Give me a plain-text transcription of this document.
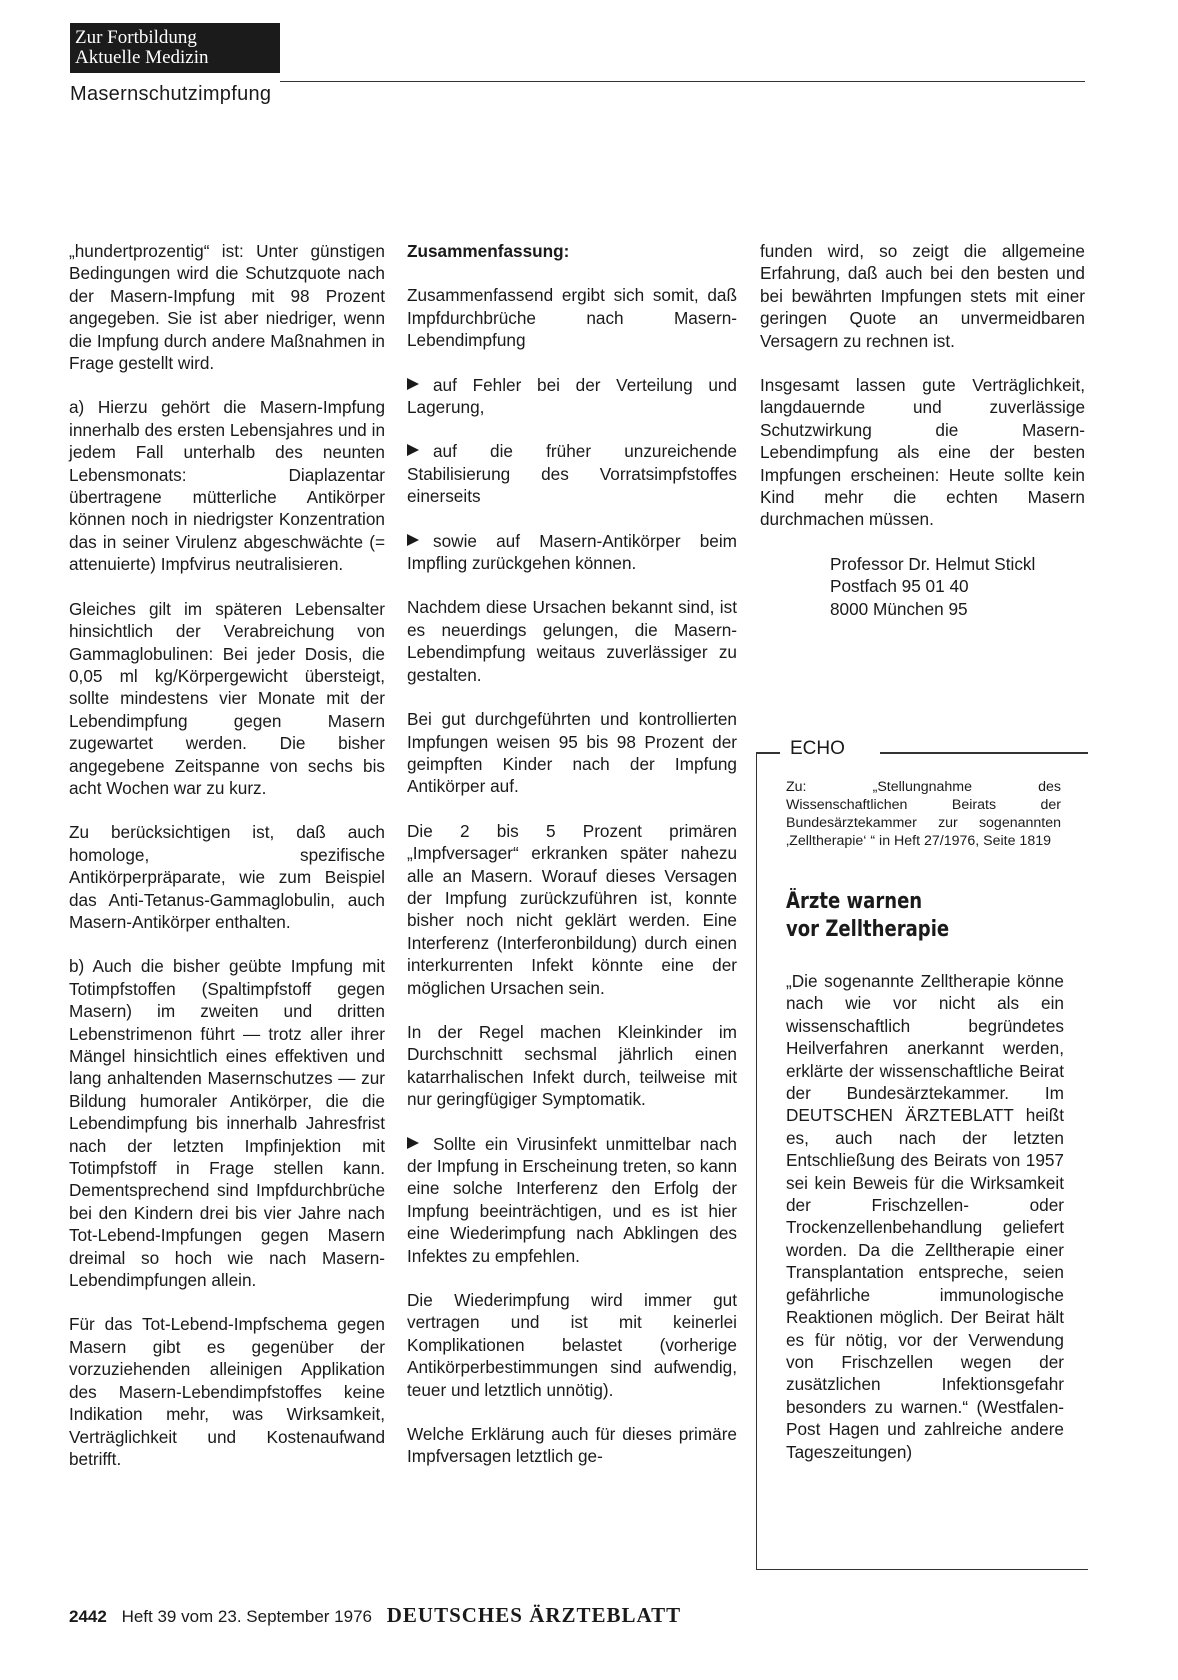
Zur Fortbildung
Aktuelle Medizin
Masernschutzimpfung

„hundertprozentig“ ist: Unter günstigen Bedingungen wird die Schutzquote nach der Masern-Impfung mit 98 Prozent angegeben. Sie ist aber niedriger, wenn die Impfung durch andere Maßnahmen in Frage gestellt wird.

a) Hierzu gehört die Masern-Impfung innerhalb des ersten Lebensjahres und in jedem Fall unterhalb des neunten Lebensmonats: Diaplazentar übertragene mütterliche Antikörper können noch in niedrigster Konzentration das in seiner Virulenz abgeschwächte (= attenuierte) Impfvirus neutralisieren.

Gleiches gilt im späteren Lebensalter hinsichtlich der Verabreichung von Gammaglobulinen: Bei jeder Dosis, die 0,05 ml kg/Körpergewicht übersteigt, sollte mindestens vier Monate mit der Lebendimpfung gegen Masern zugewartet werden. Die bisher angegebene Zeitspanne von sechs bis acht Wochen war zu kurz.

Zu berücksichtigen ist, daß auch homologe, spezifische Antikörperpräparate, wie zum Beispiel das Anti-Tetanus-Gammaglobulin, auch Masern-Antikörper enthalten.

b) Auch die bisher geübte Impfung mit Totimpfstoffen (Spaltimpfstoff gegen Masern) im zweiten und dritten Lebenstrimenon führt — trotz aller ihrer Mängel hinsichtlich eines effektiven und lang anhaltenden Masernschutzes — zur Bildung humoraler Antikörper, die die Lebendimpfung bis innerhalb Jahresfrist nach der letzten Impfinjektion mit Totimpfstoff in Frage stellen kann. Dementsprechend sind Impfdurchbrüche bei den Kindern drei bis vier Jahre nach Tot-Lebend-Impfungen gegen Masern dreimal so hoch wie nach Masern-Lebendimpfungen allein.

Für das Tot-Lebend-Impfschema gegen Masern gibt es gegenüber der vorzuziehenden alleinigen Applikation des Masern-Lebendimpfstoffes keine Indikation mehr, was Wirksamkeit, Verträglichkeit und Kostenaufwand betrifft.

Zusammenfassung:

Zusammenfassend ergibt sich somit, daß Impfdurchbrüche nach Masern-Lebendimpfung

auf Fehler bei der Verteilung und Lagerung,

auf die früher unzureichende Stabilisierung des Vorratsimpfstoffes einerseits

sowie auf Masern-Antikörper beim Impfling zurückgehen können.

Nachdem diese Ursachen bekannt sind, ist es neuerdings gelungen, die Masern-Lebendimpfung weitaus zuverlässiger zu gestalten.

Bei gut durchgeführten und kontrollierten Impfungen weisen 95 bis 98 Prozent der geimpften Kinder nach der Impfung Antikörper auf.

Die 2 bis 5 Prozent primären „Impfversager“ erkranken später nahezu alle an Masern. Worauf dieses Versagen der Impfung zurückzuführen ist, konnte bisher noch nicht geklärt werden. Eine Interferenz (Interferonbildung) durch einen interkurrenten Infekt könnte eine der möglichen Ursachen sein.

In der Regel machen Kleinkinder im Durchschnitt sechsmal jährlich einen katarrhalischen Infekt durch, teilweise mit nur geringfügiger Symptomatik.

Sollte ein Virusinfekt unmittelbar nach der Impfung in Erscheinung treten, so kann eine solche Interferenz den Erfolg der Impfung beeinträchtigen, und es ist hier eine Wiederimpfung nach Abklingen des Infektes zu empfehlen.

Die Wiederimpfung wird immer gut vertragen und ist mit keinerlei Komplikationen belastet (vorherige Antikörperbestimmungen sind aufwendig, teuer und letztlich unnötig).

Welche Erklärung auch für dieses primäre Impfversagen letztlich ge-

funden wird, so zeigt die allgemeine Erfahrung, daß auch bei den besten und bei bewährten Impfungen stets mit einer geringen Quote an unvermeidbaren Versagern zu rechnen ist.

Insgesamt lassen gute Verträglichkeit, langdauernde und zuverlässige Schutzwirkung die Masern-Lebendimpfung als eine der besten Impfungen erscheinen: Heute sollte kein Kind mehr die echten Masern durchmachen müssen.

Professor Dr. Helmut Stickl
Postfach 95 01 40
8000 München 95
ECHO
Zu: „Stellungnahme des Wissenschaftlichen Beirats der Bundesärztekammer zur sogenannten ‚Zelltherapie‘ “ in Heft 27/1976, Seite 1819
Ärzte warnen
vor Zelltherapie
„Die sogenannte Zelltherapie könne nach wie vor nicht als ein wissenschaftlich begründetes Heilverfahren anerkannt werden, erklärte der wissenschaftliche Beirat der Bundesärztekammer. Im DEUTSCHEN ÄRZTEBLATT heißt es, auch nach der letzten Entschließung des Beirats von 1957 sei kein Beweis für die Wirksamkeit der Frischzellen- oder Trockenzellenbehandlung geliefert worden. Da die Zelltherapie einer Transplantation entspreche, seien gefährliche immunologische Reaktionen möglich. Der Beirat hält es für nötig, vor der Verwendung von Frischzellen wegen der zusätzlichen Infektionsgefahr besonders zu warnen.“ (Westfalen-Post Hagen und zahlreiche andere Tageszeitungen)
2442 Heft 39 vom 23. September 1976 DEUTSCHES ÄRZTEBLATT
